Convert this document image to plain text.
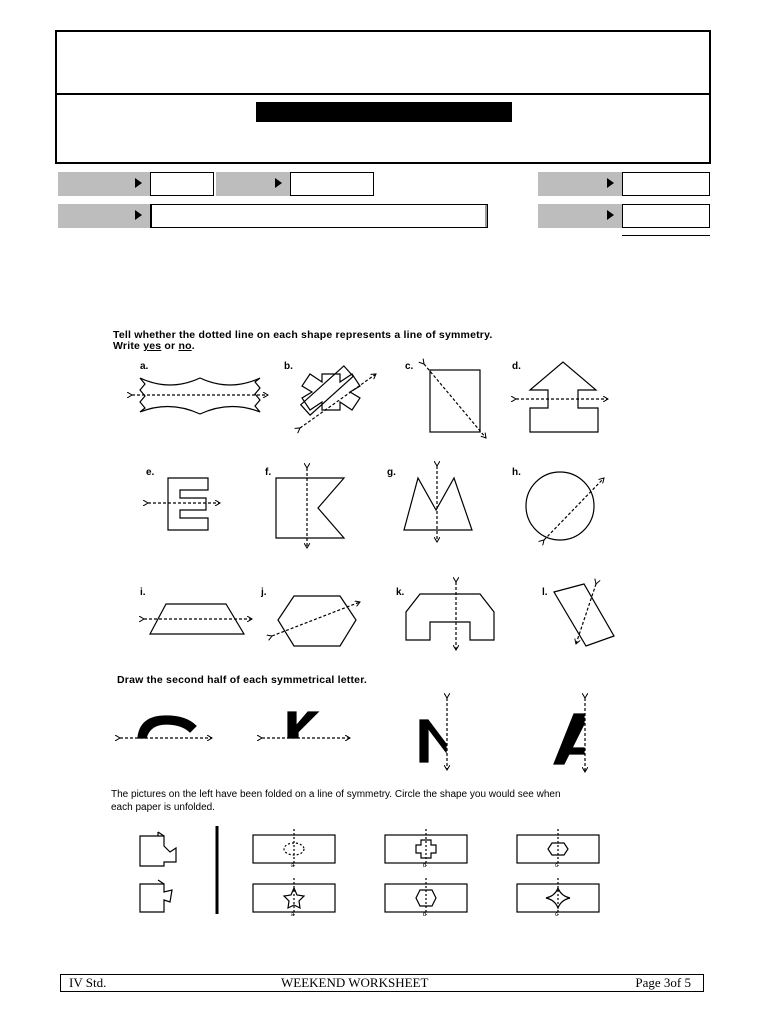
Tell whether the dotted line on each shape represents a line of symmetry.
Write yes or no.
a.	b.	c.	d.
e.	f.	g.	h.
i.	j.	k.	l.
Draw the second half of each symmetrical letter.
The pictures on the left have been folded on a line of symmetry. Circle the shape you would see when
each paper is unfolded.
a	b	c
a	b	c
IV Std.	WEEKEND WORKSHEET	Page 3of 5
